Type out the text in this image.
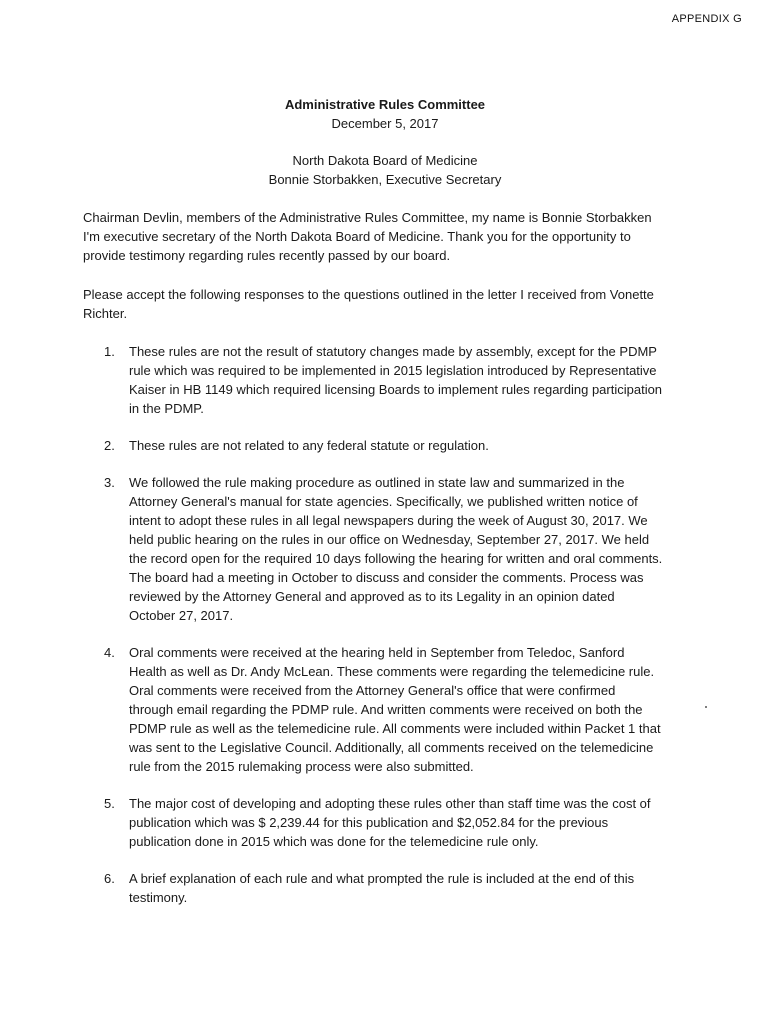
APPENDIX G
Administrative Rules Committee
December 5, 2017
North Dakota Board of Medicine
Bonnie Storbakken, Executive Secretary
Chairman Devlin, members of the Administrative Rules Committee, my name is Bonnie Storbakken I'm executive secretary of the North Dakota Board of Medicine. Thank you for the opportunity to provide testimony regarding rules recently passed by our board.
Please accept the following responses to the questions outlined in the letter I received from Vonette Richter.
1. These rules are not the result of statutory changes made by assembly, except for the PDMP rule which was required to be implemented in 2015 legislation introduced by Representative Kaiser in HB 1149 which required licensing Boards to implement rules regarding participation in the PDMP.
2. These rules are not related to any federal statute or regulation.
3. We followed the rule making procedure as outlined in state law and summarized in the Attorney General's manual for state agencies. Specifically, we published written notice of intent to adopt these rules in all legal newspapers during the week of August 30, 2017. We held public hearing on the rules in our office on Wednesday, September 27, 2017. We held the record open for the required 10 days following the hearing for written and oral comments. The board had a meeting in October to discuss and consider the comments. Process was reviewed by the Attorney General and approved as to its Legality in an opinion dated October 27, 2017.
4. Oral comments were received at the hearing held in September from Teledoc, Sanford Health as well as Dr. Andy McLean. These comments were regarding the telemedicine rule. Oral comments were received from the Attorney General's office that were confirmed through email regarding the PDMP rule. And written comments were received on both the PDMP rule as well as the telemedicine rule. All comments were included within Packet 1 that was sent to the Legislative Council. Additionally, all comments received on the telemedicine rule from the 2015 rulemaking process were also submitted.
5. The major cost of developing and adopting these rules other than staff time was the cost of publication which was $ 2,239.44 for this publication and $2,052.84 for the previous publication done in 2015 which was done for the telemedicine rule only.
6. A brief explanation of each rule and what prompted the rule is included at the end of this testimony.
